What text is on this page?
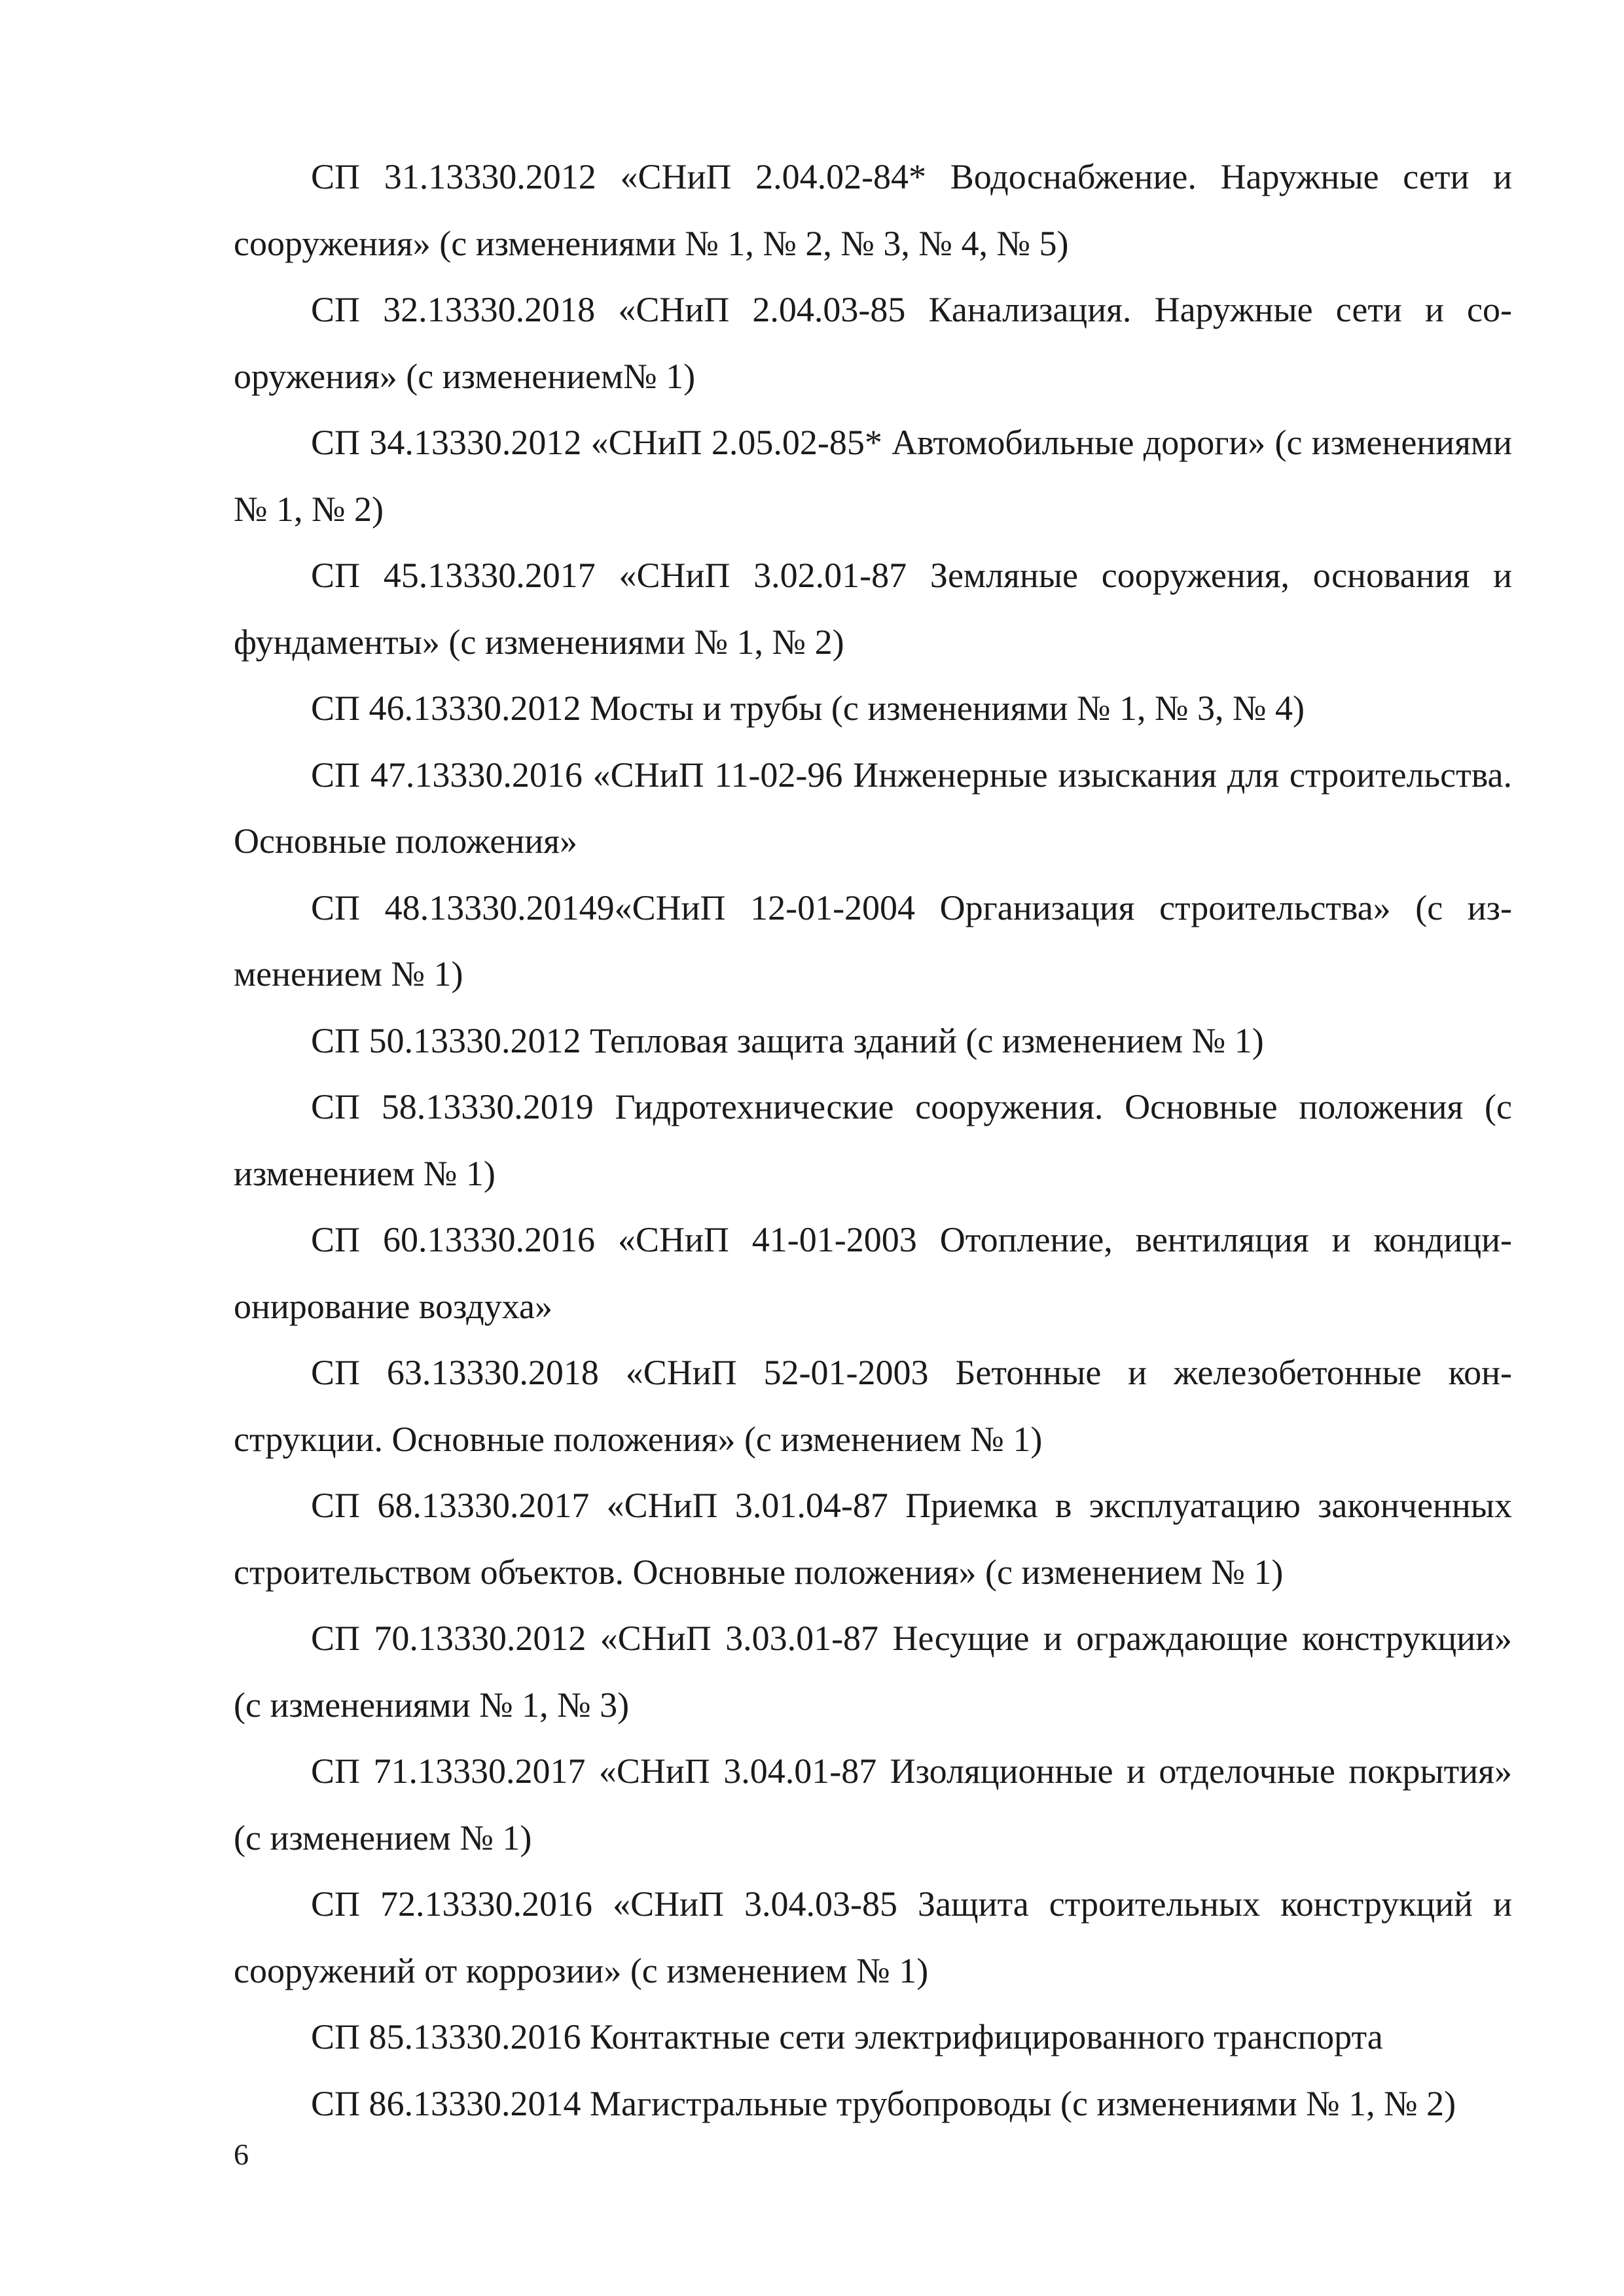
СП 31.13330.2012 «СНиП 2.04.02-84* Водоснабжение. Наружные сети и сооружения» (с изменениями № 1, № 2, № 3, № 4, № 5)

СП 32.13330.2018 «СНиП 2.04.03-85 Канализация. Наружные сети и сооружения» (с изменением№ 1)

СП 34.13330.2012 «СНиП 2.05.02-85* Автомобильные дороги» (с изменениями № 1, № 2)

СП 45.13330.2017 «СНиП 3.02.01-87 Земляные сооружения, основания и фундаменты» (с изменениями № 1, № 2)

СП 46.13330.2012 Мосты и трубы (с изменениями № 1, № 3, № 4)

СП 47.13330.2016 «СНиП 11-02-96 Инженерные изыскания для строительства. Основные положения»

СП 48.13330.20149«СНиП 12-01-2004 Организация строительства» (с изменением № 1)

СП 50.13330.2012 Тепловая защита зданий (с изменением № 1)

СП 58.13330.2019 Гидротехнические сооружения. Основные положения (с изменением № 1)

СП 60.13330.2016 «СНиП 41-01-2003 Отопление, вентиляция и кондиционирование воздуха»

СП 63.13330.2018 «СНиП 52-01-2003 Бетонные и железобетонные конструкции. Основные положения» (с изменением № 1)

СП 68.13330.2017 «СНиП 3.01.04-87 Приемка в эксплуатацию законченных строительством объектов. Основные положения» (с изменением № 1)

СП 70.13330.2012 «СНиП 3.03.01-87 Несущие и ограждающие конструкции» (с изменениями № 1, № 3)

СП 71.13330.2017 «СНиП 3.04.01-87 Изоляционные и отделочные покрытия» (с изменением № 1)

СП 72.13330.2016 «СНиП 3.04.03-85 Защита строительных конструкций и сооружений от коррозии» (с изменением № 1)

СП 85.13330.2016 Контактные сети электрифицированного транспорта

СП 86.13330.2014 Магистральные трубопроводы (с изменениями № 1, № 2)

6
